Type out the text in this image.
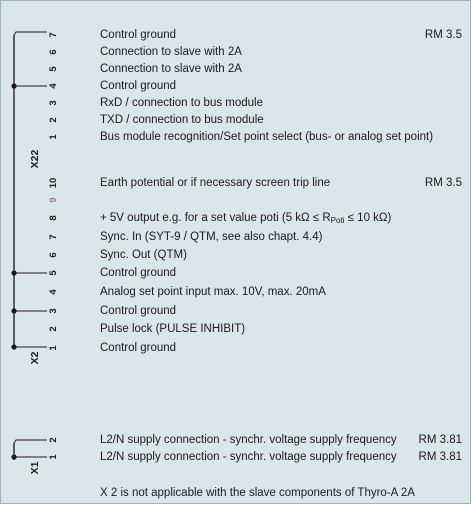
X22
X2
X1
7
6
5
4
3
2
1
10
9
8
7
6
5
4
3
2
1
2
1
Control ground	RM 3.5
Connection to slave with 2A
Connection to slave with 2A
Control ground
RxD / connection to bus module
TXD / connection to bus module
Bus module recognition/Set point select (bus- or analog set point)
Earth potential or if necessary screen trip line	RM 3.5
+ 5V output e.g. for a set value poti (5 $k\Omega \le R_{Poti} \le 10$ kΩ)
Sync. In (SYT-9 / QTM, see also chapt. 4.4)
Sync. Out (QTM)
Control ground
Analog set point input max. 10V, max. 20mA
Control ground
Pulse lock (PULSE INHIBIT)
Control ground
L2/N supply connection - synchr. voltage supply frequency RM 3.81
L2/N supply connection - synchr. voltage supply frequency RM 3.81
X 2 is not applicable with the slave components of Thyro-A 2A
